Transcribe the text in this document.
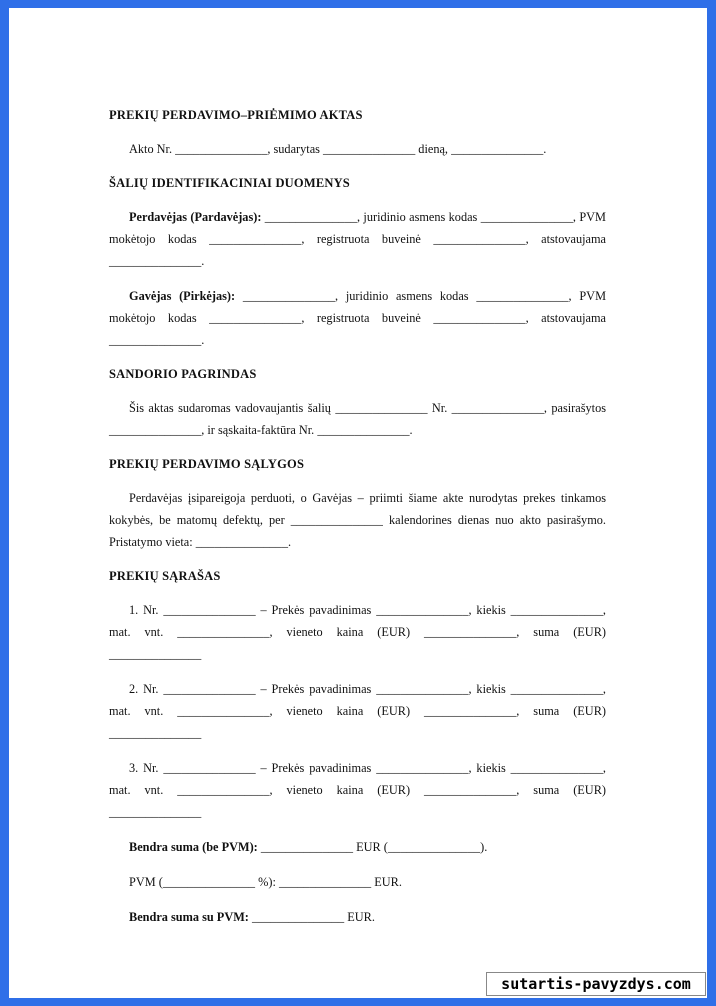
PREKIŲ PERDAVIMO–PRIĖMIMO AKTAS

Akto Nr. _______________, sudarytas _______________ dieną, _______________.

ŠALIŲ IDENTIFIKACINIAI DUOMENYS

Perdavėjas (Pardavėjas): _______________, juridinio asmens kodas _______________, PVM mokėtojo kodas _______________, registruota buveinė _______________, atstovaujama _______________.

Gavėjas (Pirkėjas): _______________, juridinio asmens kodas _______________, PVM mokėtojo kodas _______________, registruota buveinė _______________, atstovaujama _______________.

SANDORIO PAGRINDAS

Šis aktas sudaromas vadovaujantis šalių _______________ Nr. _______________, pasirašytos _______________, ir sąskaita-faktūra Nr. _______________.

PREKIŲ PERDAVIMO SĄLYGOS

Perdavėjas įsipareigoja perduoti, o Gavėjas – priimti šiame akte nurodytas prekes tinkamos kokybės, be matomų defektų, per _______________ kalendorines dienas nuo akto pasirašymo. Pristatymo vieta: _______________.

PREKIŲ SĄRAŠAS

1. Nr. _______________ – Prekės pavadinimas _______________, kiekis _______________, mat. vnt. _______________, vieneto kaina (EUR) _______________, suma (EUR) _______________

2. Nr. _______________ – Prekės pavadinimas _______________, kiekis _______________, mat. vnt. _______________, vieneto kaina (EUR) _______________, suma (EUR) _______________

3. Nr. _______________ – Prekės pavadinimas _______________, kiekis _______________, mat. vnt. _______________, vieneto kaina (EUR) _______________, suma (EUR) _______________

Bendra suma (be PVM): _______________ EUR (_______________).

PVM (_______________ %): _______________ EUR.

Bendra suma su PVM: _______________ EUR.

sutartis-pavyzdys.com
